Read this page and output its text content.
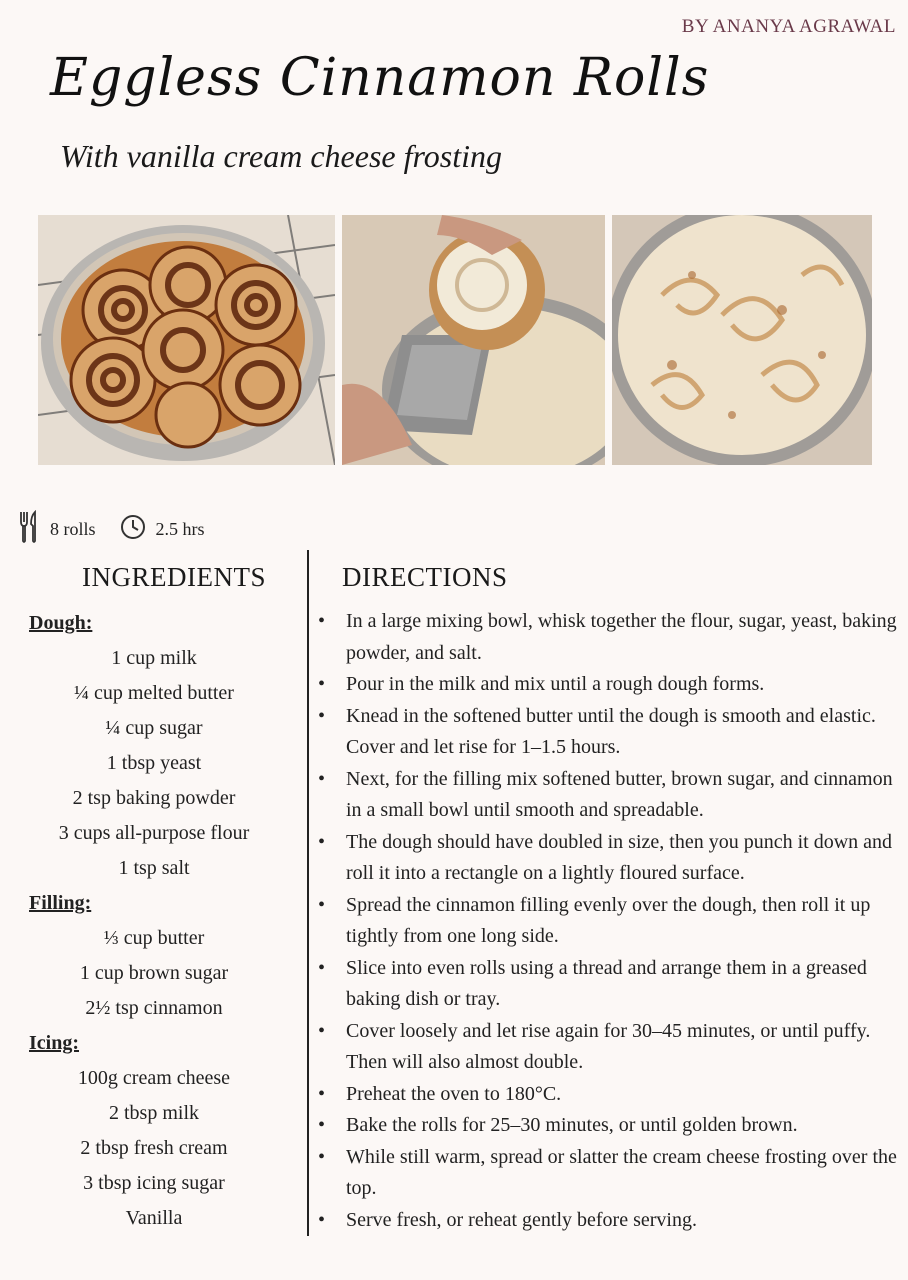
BY ANANYA AGRAWAL
Eggless Cinnamon Rolls
With vanilla cream cheese frosting
8 rolls	2.5 hrs
INGREDIENTS	DIRECTIONS
Dough:
1 cup milk
¼ cup melted butter
¼ cup sugar
1 tbsp yeast
2 tsp baking powder
3 cups all-purpose flour
1 tsp salt
Filling:
⅓ cup butter
1 cup brown sugar
2½ tsp cinnamon
Icing:
100g cream cheese
2 tbsp milk
2 tbsp fresh cream
3 tbsp icing sugar
Vanilla
• In a large mixing bowl, whisk together the flour, sugar, yeast, baking powder, and salt.
• Pour in the milk and mix until a rough dough forms.
• Knead in the softened butter until the dough is smooth and elastic. Cover and let rise for 1–1.5 hours.
• Next, for the filling mix softened butter, brown sugar, and cinnamon in a small bowl until smooth and spreadable.
• The dough should have doubled in size, then you punch it down and roll it into a rectangle on a lightly floured surface.
• Spread the cinnamon filling evenly over the dough, then roll it up tightly from one long side.
• Slice into even rolls using a thread and arrange them in a greased baking dish or tray.
• Cover loosely and let rise again for 30–45 minutes, or until puffy. Then will also almost double.
• Preheat the oven to 180°C.
• Bake the rolls for 25–30 minutes, or until golden brown.
• While still warm, spread or slatter the cream cheese frosting over the top.
• Serve fresh, or reheat gently before serving.
